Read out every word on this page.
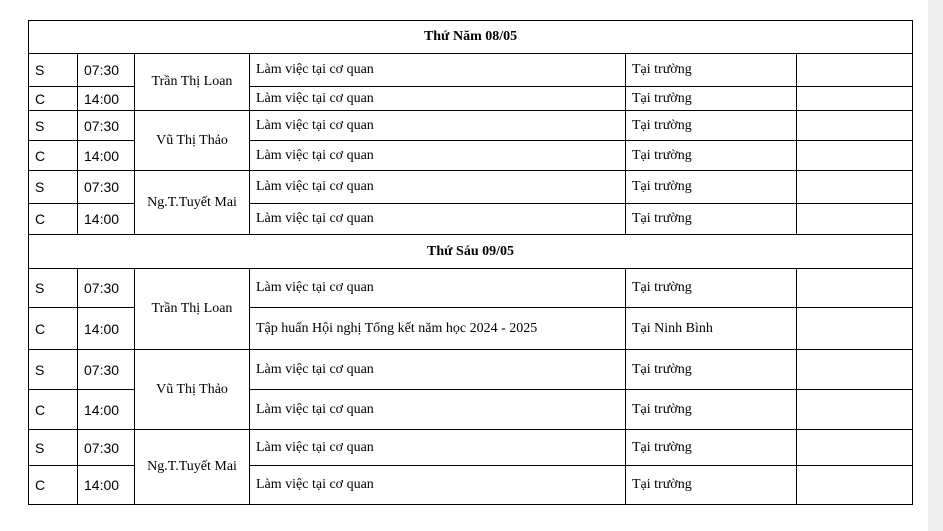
Thứ Năm 08/05					
S	07:30	Trần Thị Loan	Làm việc tại cơ quan	Tại trường	
C	14:00		Làm việc tại cơ quan	Tại trường	
S	07:30	Vũ Thị Thảo	Làm việc tại cơ quan	Tại trường	
C	14:00		Làm việc tại cơ quan	Tại trường	
S	07:30	Ng.T.Tuyết Mai	Làm việc tại cơ quan	Tại trường	
C	14:00		Làm việc tại cơ quan	Tại trường	
Thứ Sáu 09/05					
S	07:30	Trần Thị Loan	Làm việc tại cơ quan	Tại trường	
C	14:00		Tập huấn Hội nghị Tổng kết năm học 2024 - 2025	Tại Ninh Bình	
S	07:30	Vũ Thị Thảo	Làm việc tại cơ quan	Tại trường	
C	14:00		Làm việc tại cơ quan	Tại trường	
S	07:30	Ng.T.Tuyết Mai	Làm việc tại cơ quan	Tại trường	
C	14:00		Làm việc tại cơ quan	Tại trường	
